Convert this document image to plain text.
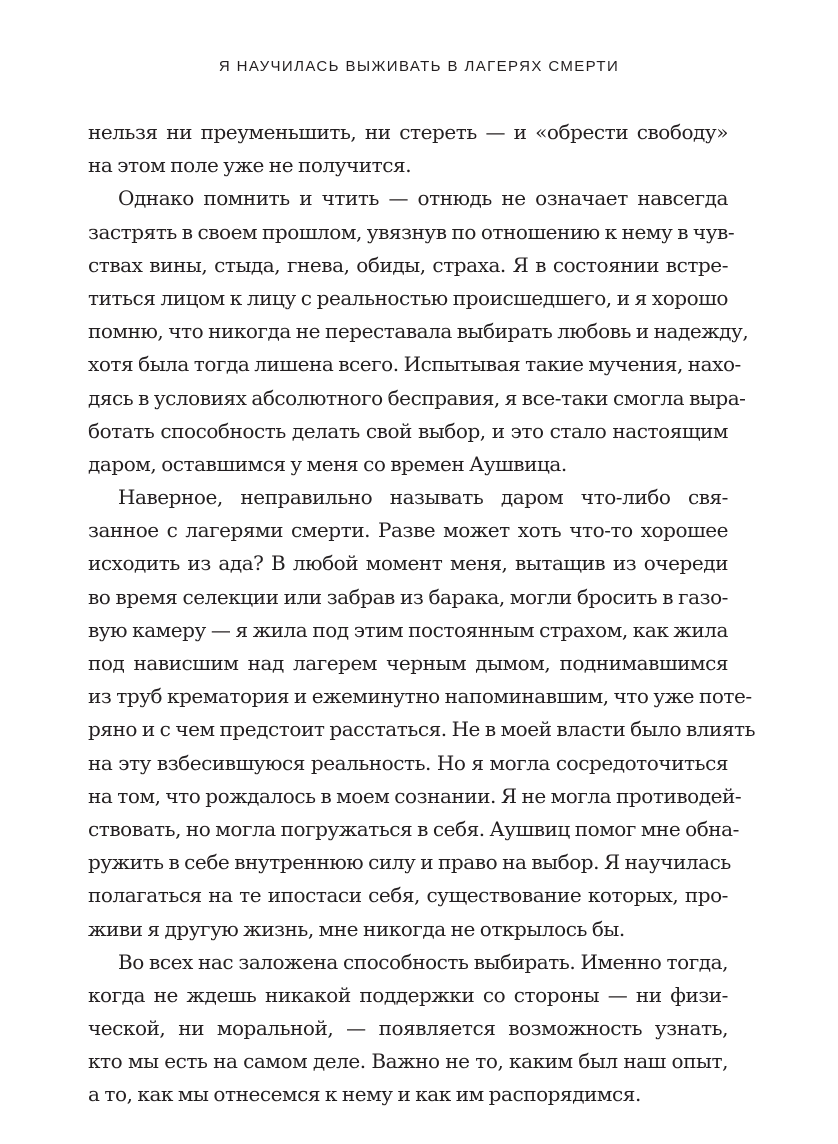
Я НАУЧИЛАСЬ ВЫЖИВАТЬ В ЛАГЕРЯХ СМЕРТИ
нельзя ни преуменьшить, ни стереть — и «обрести свободу»
на этом поле уже не получится.
Однако помнить и чтить — отнюдь не означает навсегда
застрять в своем прошлом, увязнув по отношению к нему в чув-
ствах вины, стыда, гнева, обиды, страха. Я в состоянии встре-
титься лицом к лицу с реальностью происшедшего, и я хорошо
помню, что никогда не переставала выбирать любовь и надежду,
хотя была тогда лишена всего. Испытывая такие мучения, нахо-
дясь в условиях абсолютного бесправия, я все-таки смогла выра-
ботать способность делать свой выбор, и это стало настоящим
даром, оставшимся у меня со времен Аушвица.
Наверное, неправильно называть даром что-либо свя-
занное с лагерями смерти. Разве может хоть что-то хорошее
исходить из ада? В любой момент меня, вытащив из очереди
во время селекции или забрав из барака, могли бросить в газо-
вую камеру — я жила под этим постоянным страхом, как жила
под нависшим над лагерем черным дымом, поднимавшимся
из труб крематория и ежеминутно напоминавшим, что уже поте-
ряно и с чем предстоит расстаться. Не в моей власти было влиять
на эту взбесившуюся реальность. Но я могла сосредоточиться
на том, что рождалось в моем сознании. Я не могла противодей-
ствовать, но могла погружаться в себя. Аушвиц помог мне обна-
ружить в себе внутреннюю силу и право на выбор. Я научилась
полагаться на те ипостаси себя, существование которых, про-
живи я другую жизнь, мне никогда не открылось бы.
Во всех нас заложена способность выбирать. Именно тогда,
когда не ждешь никакой поддержки со стороны — ни физи-
ческой, ни моральной, — появляется возможность узнать,
кто мы есть на самом деле. Важно не то, каким был наш опыт,
а то, как мы отнесемся к нему и как им распорядимся.
